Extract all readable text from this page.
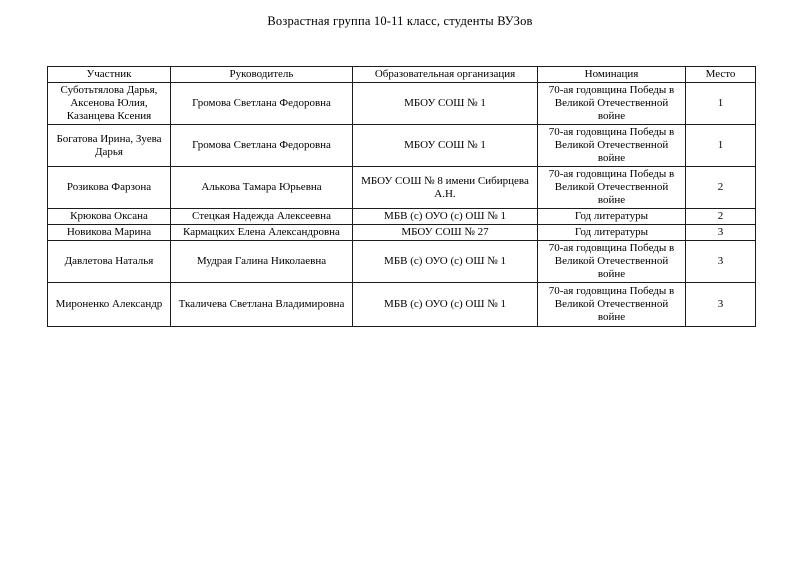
Возрастная группа 10-11 класс, студенты ВУЗов
Участник	Руководитель	Образовательная организация	Номинация	Место
Суботьтялова Дарья, Аксенова Юлия, Казанцева Ксения	Громова Светлана Федоровна	МБОУ СОШ № 1	70-ая годовщина Победы в Великой Отечественной войне	1
Богатова Ирина, Зуева Дарья	Громова Светлана Федоровна	МБОУ СОШ № 1	70-ая годовщина Победы в Великой Отечественной войне	1
Розикова Фарзона	Алькова Тамара Юрьевна	МБОУ СОШ № 8 имени Сибирцева А.Н.	70-ая годовщина Победы в Великой Отечественной войне	2
Крюкова Оксана	Стецкая Надежда Алексеевна	МБВ (с) ОУО (с) ОШ № 1	Год литературы	2
Новикова Марина	Кармацких Елена Александровна	МБОУ СОШ № 27	Год литературы	3
Давлетова Наталья	Мудрая Галина Николаевна	МБВ (с) ОУО (с) ОШ № 1	70-ая годовщина Победы в Великой Отечественной войне	3
Мироненко Александр	Ткаличева Светлана Владимировна	МБВ (с) ОУО (с) ОШ № 1	70-ая годовщина Победы в Великой Отечественной войне	3
